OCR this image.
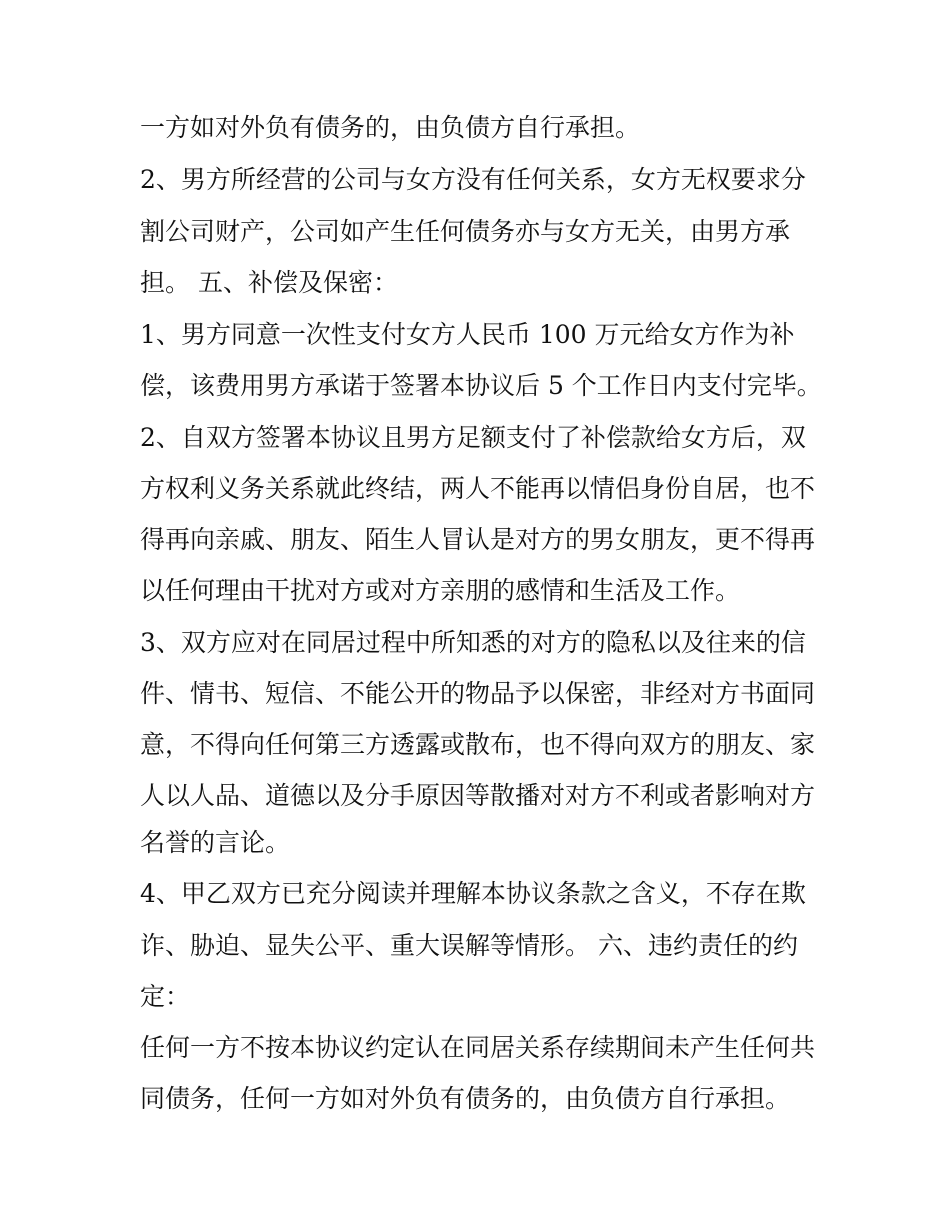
一方如对外负有债务的，由负债方自行承担。

2、男方所经营的公司与女方没有任何关系，女方无权要求分

割公司财产，公司如产生任何债务亦与女方无关，由男方承

担。 五、补偿及保密：

1、男方同意一次性支付女方人民币 100 万元给女方作为补

偿，该费用男方承诺于签署本协议后 5 个工作日内支付完毕。

2、自双方签署本协议且男方足额支付了补偿款给女方后，双

方权利义务关系就此终结，两人不能再以情侣身份自居，也不

得再向亲戚、朋友、陌生人冒认是对方的男女朋友，更不得再

以任何理由干扰对方或对方亲朋的感情和生活及工作。

3、双方应对在同居过程中所知悉的对方的隐私以及往来的信

件、情书、短信、不能公开的物品予以保密，非经对方书面同

意，不得向任何第三方透露或散布，也不得向双方的朋友、家

人以人品、道德以及分手原因等散播对对方不利或者影响对方

名誉的言论。

4、甲乙双方已充分阅读并理解本协议条款之含义，不存在欺

诈、胁迫、显失公平、重大误解等情形。 六、违约责任的约

定：

任何一方不按本协议约定认在同居关系存续期间未产生任何共

同债务，任何一方如对外负有债务的，由负债方自行承担。
